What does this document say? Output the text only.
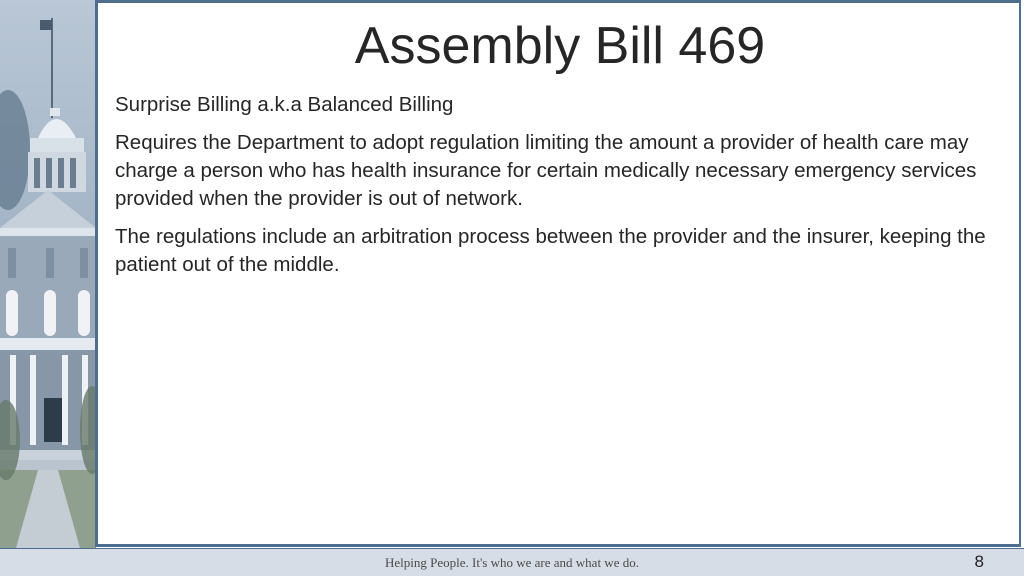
Assembly Bill 469

Surprise Billing a.k.a Balanced Billing

Requires the Department to adopt regulation limiting the amount a provider of health care may charge a person who has health insurance for certain medically necessary emergency services provided when the provider is out of network.

The regulations include an arbitration process between the provider and the insurer, keeping the patient out of the middle.

Helping People. It's who we are and what we do.	8
